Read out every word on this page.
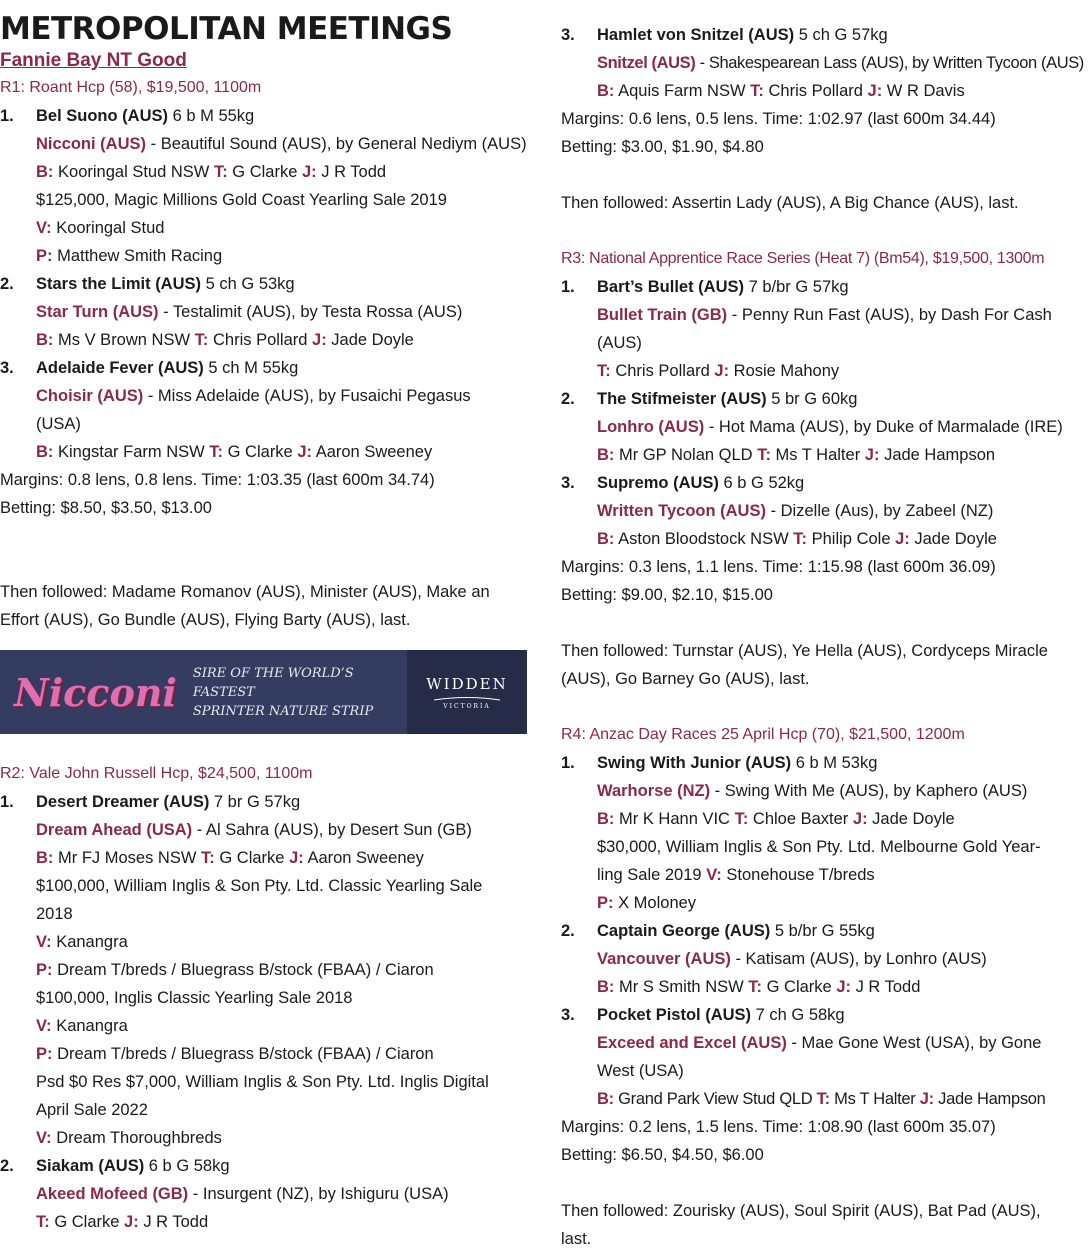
METROPOLITAN MEETINGS
Fannie Bay NT Good
R1: Roant Hcp (58), $19,500, 1100m
1. Bel Suono (AUS) 6 b M 55kg
Nicconi (AUS) - Beautiful Sound (AUS), by General Nediym (AUS)
B: Kooringal Stud NSW T: G Clarke J: J R Todd
$125,000, Magic Millions Gold Coast Yearling Sale 2019
V: Kooringal Stud
P: Matthew Smith Racing
2. Stars the Limit (AUS) 5 ch G 53kg
Star Turn (AUS) - Testalimit (AUS), by Testa Rossa (AUS)
B: Ms V Brown NSW T: Chris Pollard J: Jade Doyle
3. Adelaide Fever (AUS) 5 ch M 55kg
Choisir (AUS) - Miss Adelaide (AUS), by Fusaichi Pegasus
(USA)
B: Kingstar Farm NSW T: G Clarke J: Aaron Sweeney
Margins: 0.8 lens, 0.8 lens. Time: 1:03.35 (last 600m 34.74)
Betting: $8.50, $3.50, $13.00
Then followed: Madame Romanov (AUS), Minister (AUS), Make an
Effort (AUS), Go Bundle (AUS), Flying Barty (AUS), last.
Nicconi SIRE OF THE WORLD’S FASTEST
SPRINTER NATURE STRIP
WIDDEN
VICTORIA
R2: Vale John Russell Hcp, $24,500, 1100m
1. Desert Dreamer (AUS) 7 br G 57kg
Dream Ahead (USA) - Al Sahra (AUS), by Desert Sun (GB)
B: Mr FJ Moses NSW T: G Clarke J: Aaron Sweeney
$100,000, William Inglis & Son Pty. Ltd. Classic Yearling Sale
2018
V: Kanangra
P: Dream T/breds / Bluegrass B/stock (FBAA) / Ciaron
$100,000, Inglis Classic Yearling Sale 2018
V: Kanangra
P: Dream T/breds / Bluegrass B/stock (FBAA) / Ciaron
Psd $0 Res $7,000, William Inglis & Son Pty. Ltd. Inglis Digital
April Sale 2022
V: Dream Thoroughbreds
2. Siakam (AUS) 6 b G 58kg
Akeed Mofeed (GB) - Insurgent (NZ), by Ishiguru (USA)
T: G Clarke J: J R Todd
3. Hamlet von Snitzel (AUS) 5 ch G 57kg
Snitzel (AUS) - Shakespearean Lass (AUS), by Written Tycoon (AUS)
B: Aquis Farm NSW T: Chris Pollard J: W R Davis
Margins: 0.6 lens, 0.5 lens. Time: 1:02.97 (last 600m 34.44)
Betting: $3.00, $1.90, $4.80
Then followed: Assertin Lady (AUS), A Big Chance (AUS), last.
R3: National Apprentice Race Series (Heat 7) (Bm54), $19,500, 1300m
1. Bart’s Bullet (AUS) 7 b/br G 57kg
Bullet Train (GB) - Penny Run Fast (AUS), by Dash For Cash
(AUS)
T: Chris Pollard J: Rosie Mahony
2. The Stifmeister (AUS) 5 br G 60kg
Lonhro (AUS) - Hot Mama (AUS), by Duke of Marmalade (IRE)
B: Mr GP Nolan QLD T: Ms T Halter J: Jade Hampson
3. Supremo (AUS) 6 b G 52kg
Written Tycoon (AUS) - Dizelle (Aus), by Zabeel (NZ)
B: Aston Bloodstock NSW T: Philip Cole J: Jade Doyle
Margins: 0.3 lens, 1.1 lens. Time: 1:15.98 (last 600m 36.09)
Betting: $9.00, $2.10, $15.00
Then followed: Turnstar (AUS), Ye Hella (AUS), Cordyceps Miracle
(AUS), Go Barney Go (AUS), last.
R4: Anzac Day Races 25 April Hcp (70), $21,500, 1200m
1. Swing With Junior (AUS) 6 b M 53kg
Warhorse (NZ) - Swing With Me (AUS), by Kaphero (AUS)
B: Mr K Hann VIC T: Chloe Baxter J: Jade Doyle
$30,000, William Inglis & Son Pty. Ltd. Melbourne Gold Year-
ling Sale 2019 V: Stonehouse T/breds
P: X Moloney
2. Captain George (AUS) 5 b/br G 55kg
Vancouver (AUS) - Katisam (AUS), by Lonhro (AUS)
B: Mr S Smith NSW T: G Clarke J: J R Todd
3. Pocket Pistol (AUS) 7 ch G 58kg
Exceed and Excel (AUS) - Mae Gone West (USA), by Gone
West (USA)
B: Grand Park View Stud QLD T: Ms T Halter J: Jade Hampson
Margins: 0.2 lens, 1.5 lens. Time: 1:08.90 (last 600m 35.07)
Betting: $6.50, $4.50, $6.00
Then followed: Zourisky (AUS), Soul Spirit (AUS), Bat Pad (AUS),
last.
